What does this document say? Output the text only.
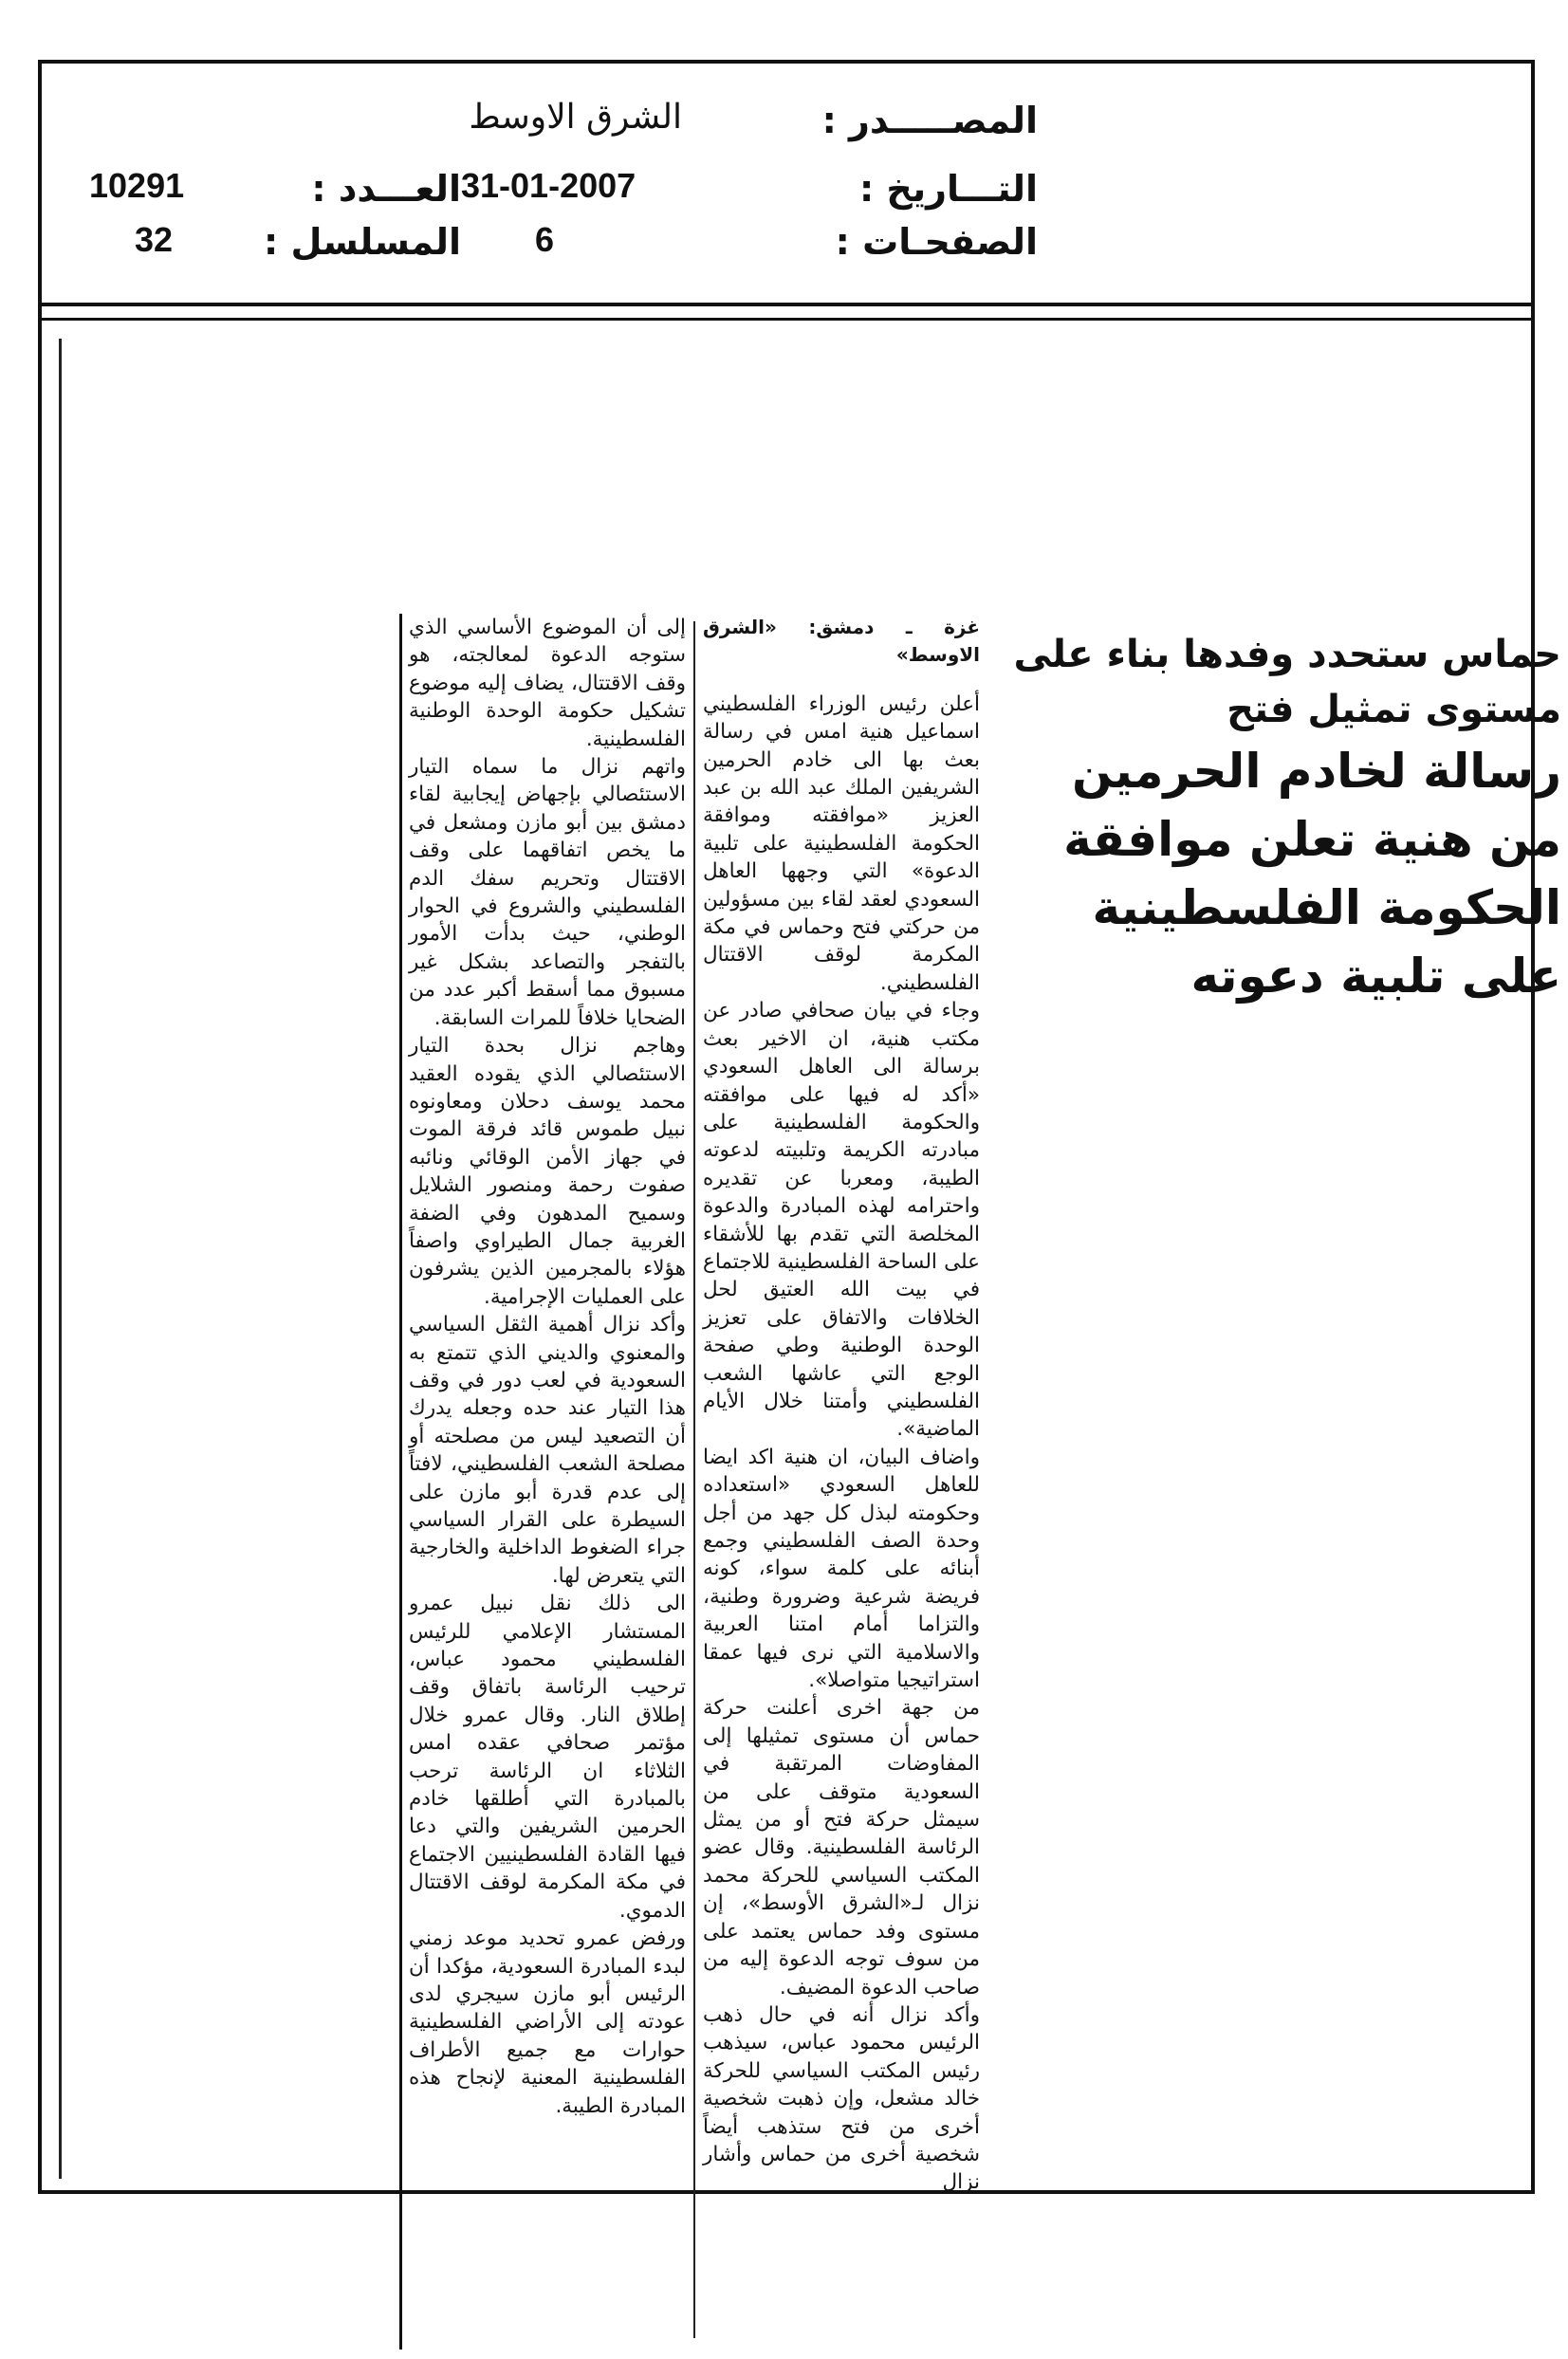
المصـــــدر :
الشرق الاوسط
التـــاريخ :
31-01-2007
العـــدد :
10291
الصفحـات :
6
المسلسل :
32

حماس ستحدد وفدها بناء على مستوى تمثيل فتح

رسالة لخادم الحرمين من هنية تعلن موافقة

الحكومة الفلسطينية على تلبية دعوته

غزة ـ دمشق: «الشرق الاوسط»

أعلن رئيس الوزراء الفلسطيني اسماعيل هنية امس في رسالة بعث بها الى خادم الحرمين الشريفين الملك عبد الله بن عبد العزيز «موافقته وموافقة الحكومة الفلسطينية على تلبية الدعوة» التي وجهها العاهل السعودي لعقد لقاء بين مسؤولين من حركتي فتح وحماس في مكة المكرمة لوقف الاقتتال الفلسطيني.

وجاء في بيان صحافي صادر عن مكتب هنية، ان الاخير بعث برسالة الى العاهل السعودي «أكد له فيها على موافقته والحكومة الفلسطينية على مبادرته الكريمة وتلبيته لدعوته الطيبة، ومعربا عن تقديره واحترامه لهذه المبادرة والدعوة المخلصة التي تقدم بها للأشقاء على الساحة الفلسطينية للاجتماع في بيت الله العتيق لحل الخلافات والاتفاق على تعزيز الوحدة الوطنية وطي صفحة الوجع التي عاشها الشعب الفلسطيني وأمتنا خلال الأيام الماضية».

واضاف البيان، ان هنية اكد ايضا للعاهل السعودي «استعداده وحكومته لبذل كل جهد من أجل وحدة الصف الفلسطيني وجمع أبنائه على كلمة سواء، كونه فريضة شرعية وضرورة وطنية، والتزاما أمام امتنا العربية والاسلامية التي نرى فيها عمقا استراتيجيا متواصلا».

من جهة اخرى أعلنت حركة حماس أن مستوى تمثيلها إلى المفاوضات المرتقبة في السعودية متوقف على من سيمثل حركة فتح أو من يمثل الرئاسة الفلسطينية. وقال عضو المكتب السياسي للحركة محمد نزال لـ«الشرق الأوسط»، إن مستوى وفد حماس يعتمد على من سوف توجه الدعوة إليه من صاحب الدعوة المضيف.

وأكد نزال أنه في حال ذهب الرئيس محمود عباس، سيذهب رئيس المكتب السياسي للحركة خالد مشعل، وإن ذهبت شخصية أخرى من فتح ستذهب أيضاً شخصية أخرى من حماس وأشار نزال

إلى أن الموضوع الأساسي الذي ستوجه الدعوة لمعالجته، هو وقف الاقتتال، يضاف إليه موضوع تشكيل حكومة الوحدة الوطنية الفلسطينية.

واتهم نزال ما سماه التيار الاستئصالي بإجهاض إيجابية لقاء دمشق بين أبو مازن ومشعل في ما يخص اتفاقهما على وقف الاقتتال وتحريم سفك الدم الفلسطيني والشروع في الحوار الوطني، حيث بدأت الأمور بالتفجر والتصاعد بشكل غير مسبوق مما أسقط أكبر عدد من الضحايا خلافاً للمرات السابقة.

وهاجم نزال بحدة التيار الاستئصالي الذي يقوده العقيد محمد يوسف دحلان ومعاونوه نبيل طموس قائد فرقة الموت في جهاز الأمن الوقائي ونائبه صفوت رحمة ومنصور الشلايل وسميح المدهون وفي الضفة الغربية جمال الطيراوي واصفاً هؤلاء بالمجرمين الذين يشرفون على العمليات الإجرامية.

وأكد نزال أهمية الثقل السياسي والمعنوي والديني الذي تتمتع به السعودية في لعب دور في وقف هذا التيار عند حده وجعله يدرك أن التصعيد ليس من مصلحته أو مصلحة الشعب الفلسطيني، لافتاً إلى عدم قدرة أبو مازن على السيطرة على القرار السياسي جراء الضغوط الداخلية والخارجية التي يتعرض لها.

الى ذلك نقل نبيل عمرو المستشار الإعلامي للرئيس الفلسطيني محمود عباس، ترحيب الرئاسة باتفاق وقف إطلاق النار. وقال عمرو خلال مؤتمر صحافي عقده امس الثلاثاء ان الرئاسة ترحب بالمبادرة التي أطلقها خادم الحرمين الشريفين والتي دعا فيها القادة الفلسطينيين الاجتماع في مكة المكرمة لوقف الاقتتال الدموي.

ورفض عمرو تحديد موعد زمني لبدء المبادرة السعودية، مؤكدا أن الرئيس أبو مازن سيجري لدى عودته إلى الأراضي الفلسطينية حوارات مع جميع الأطراف الفلسطينية المعنية لإنجاح هذه المبادرة الطيبة.
